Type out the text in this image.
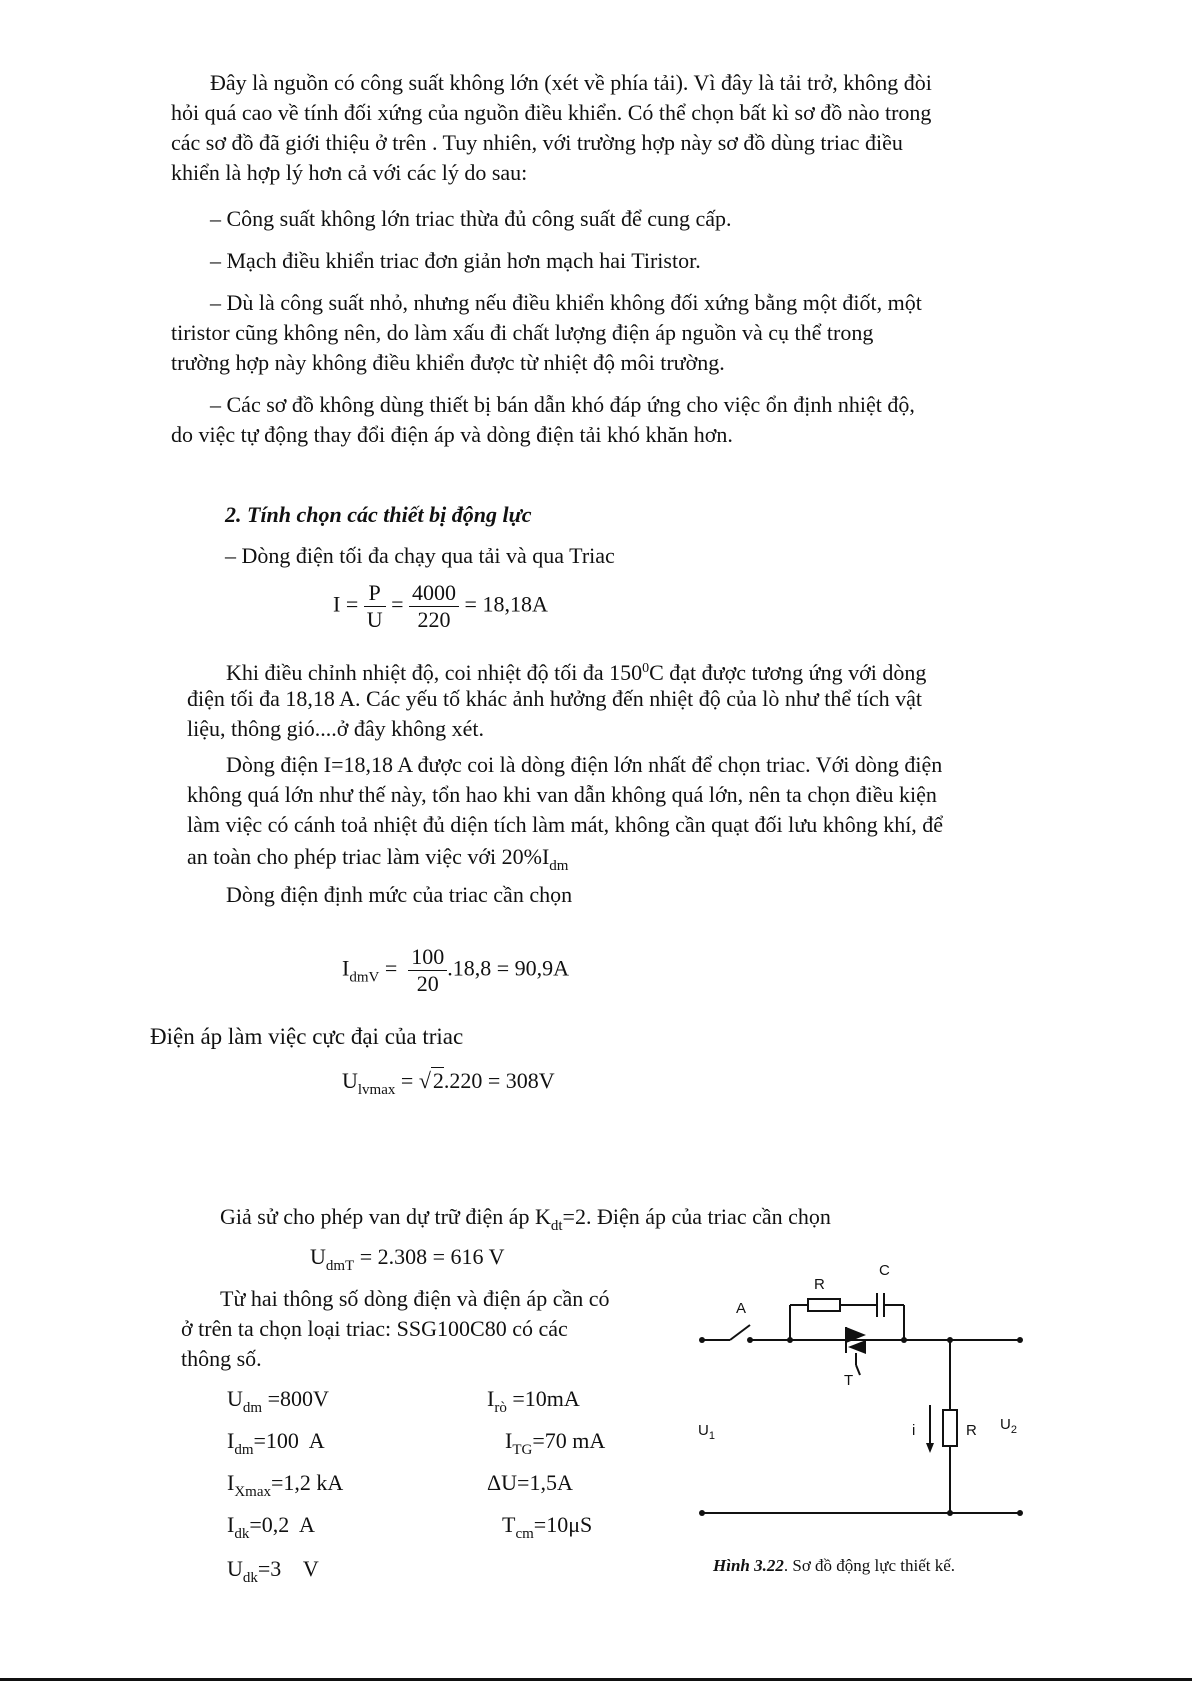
Đây là nguồn có công suất không lớn (xét về phía tải). Vì đây là tải trở, không đòi
hỏi quá cao về tính đối xứng của nguồn điều khiển. Có thể chọn bất kì sơ đồ nào trong
các sơ đồ đã giới thiệu ở trên . Tuy nhiên, với trường hợp này sơ đồ dùng triac điều
khiển là hợp lý hơn cả với các lý do sau:
– Công suất không lớn triac thừa đủ công suất để cung cấp.
– Mạch điều khiển triac đơn giản hơn mạch hai Tiristor.
– Dù là công suất nhỏ, nhưng nếu điều khiển không đối xứng bằng một điốt, một
tiristor cũng không nên, do làm xấu đi chất lượng điện áp nguồn và cụ thể trong
trường hợp này không điều khiển được từ nhiệt độ môi trường.
– Các sơ đồ không dùng thiết bị bán dẫn khó đáp ứng cho việc ổn định nhiệt độ,
do việc tự động thay đổi điện áp và dòng điện tải khó khăn hơn.
2. Tính chọn các thiết bị động lực
– Dòng điện tối đa chạy qua tải và qua Triac
$I = \frac{P}{U} = \frac{4000}{220} = 18,18A$
Khi điều chỉnh nhiệt độ, coi nhiệt độ tối đa $150^0C$ đạt được tương ứng với dòng
điện tối đa 18,18 A. Các yếu tố khác ảnh hưởng đến nhiệt độ của lò như thể tích vật
liệu, thông gió....ở đây không xét.
Dòng điện I=18,18 A được coi là dòng điện lớn nhất để chọn triac. Với dòng điện
không quá lớn như thế này, tổn hao khi van dẫn không quá lớn, nên ta chọn điều kiện
làm việc có cánh toả nhiệt đủ diện tích làm mát, không cần quạt đối lưu không khí, để
an toàn cho phép triac làm việc với $20\%I_{dm}$
Dòng điện định mức của triac cần chọn
$I_{dmV} = \frac{100}{20} .18,8 = 90,9A$
Điện áp làm việc cực đại của triac
$U_{lvmax} = √2.220 = 308V$
Giả sử cho phép van dự trữ điện áp $K_{dt}=2$. Điện áp của triac cần chọn
$U_{dmT} = 2.308 = 616$ V
Từ hai thông số dòng điện và điện áp cần có
ở trên ta chọn loại triac: SSG100C80 có các
thông số.
$U_{dm} =800V$	$I_{rò} =10mA$
$I_{dm}=100$  A	$I_{TG}=70$ mA
$I_{Xmax}=1,2$ kA	ΔU=1,5A
$I_{dk}=0,2$  A	$T_{cm}=10\mu S$
$U_{dk}=3$    V
R
C
A
T
$U_1$	i	R $U_2$
Hình 3.22. Sơ đồ động lực thiết kế.
